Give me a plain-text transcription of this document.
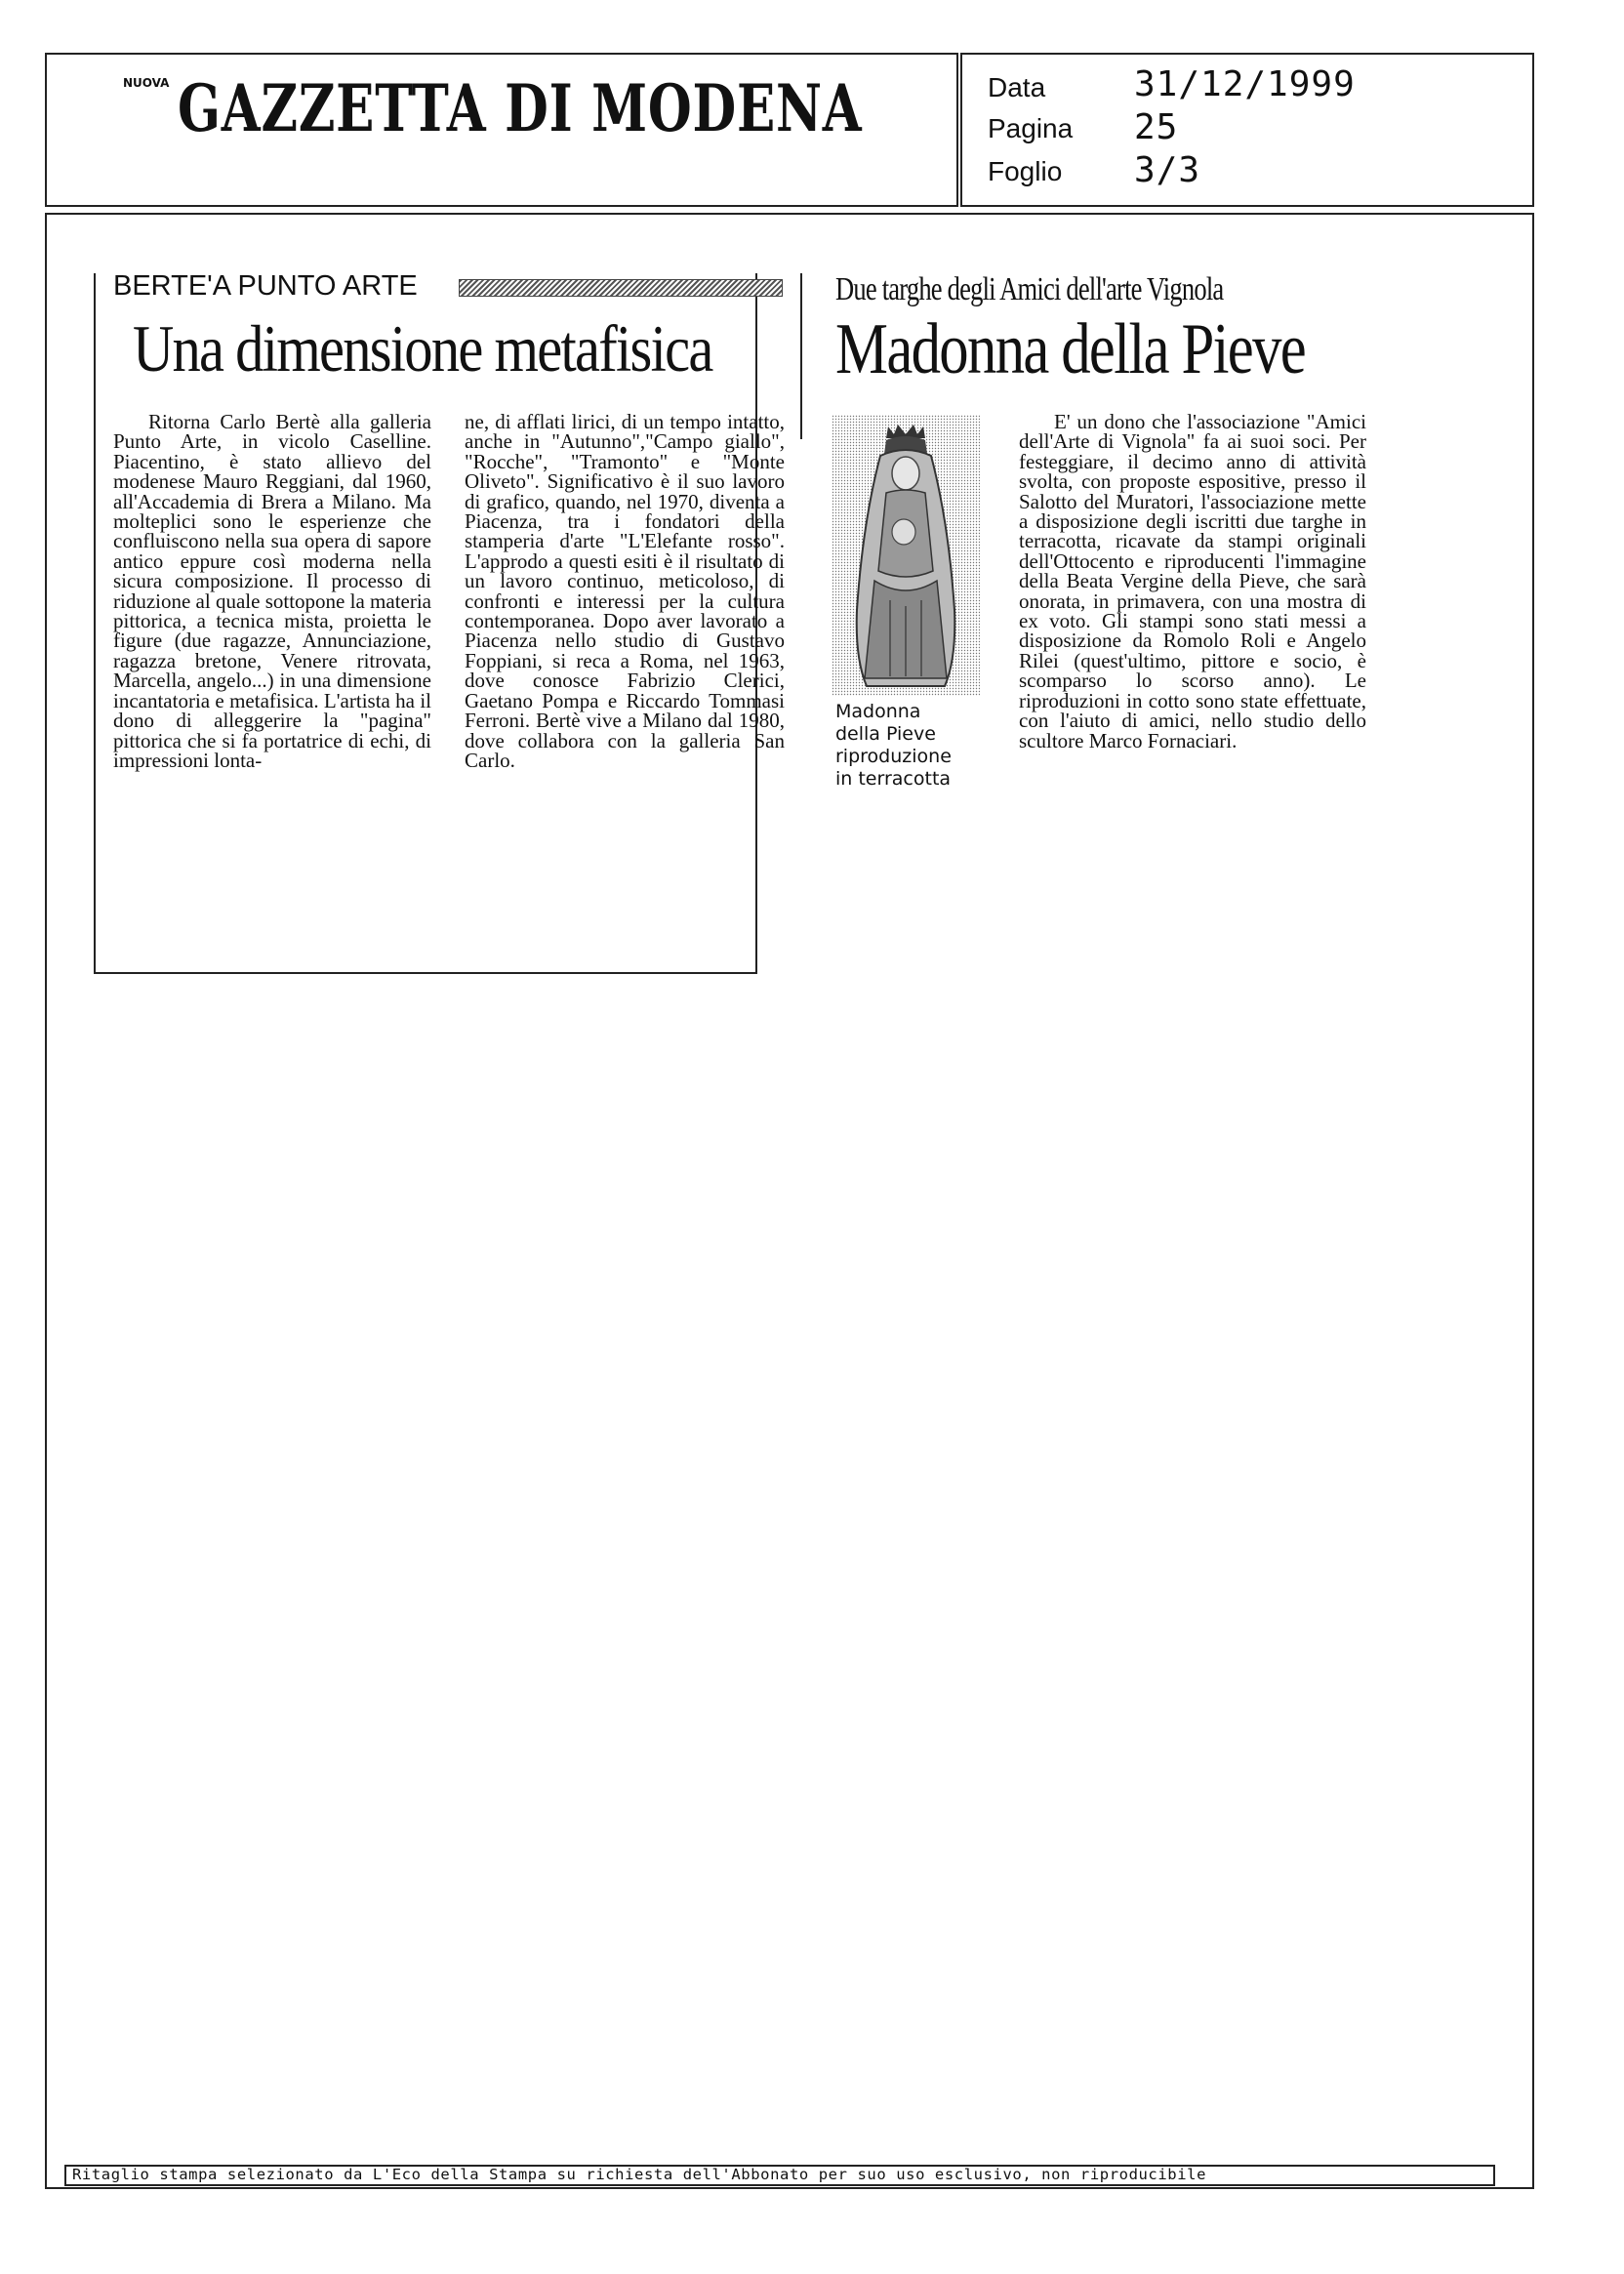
NUOVA GAZZETTA DI MODENA	Data	31/12/1999
Pagina 25
Foglio 3/3
BERTE'A PUNTO ARTE
Una dimensione metafisica

Ritorna Carlo Bertè alla galleria Punto Arte, in vicolo Caselline. Piacentino, è stato allievo del modenese Mauro Reggiani, dal 1960, all'Accademia di Brera a Milano. Ma molteplici sono le esperienze che confluiscono nella sua opera di sapore antico eppure così moderna nella sicura composizione. Il processo di riduzione al quale sottopone la materia pittorica, a tecnica mista, proietta le figure (due ragazze, Annunciazione, ragazza bretone, Venere ritrovata, Marcella, angelo...) in una dimensione incantatoria e metafisica. L'artista ha il dono di alleggerire la "pagina" pittorica che si fa portatrice di echi, di impressioni lonta-

ne, di afflati lirici, di un tempo intatto, anche in "Autunno","Campo giallo", "Rocche", "Tramonto" e "Monte Oliveto". Significativo è il suo lavoro di grafico, quando, nel 1970, diventa a Piacenza, tra i fondatori della stamperia d'arte "L'Elefante rosso". L'approdo a questi esiti è il risultato di un lavoro continuo, meticoloso, di confronti e interessi per la cultura contemporanea. Dopo aver lavorato a Piacenza nello studio di Gustavo Foppiani, si reca a Roma, nel 1963, dove conosce Fabrizio Clerici, Gaetano Pompa e Riccardo Tommasi Ferroni. Bertè vive a Milano dal 1980, dove collabora con la galleria San Carlo.

Due targhe degli Amici dell'arte Vignola
Madonna della Pieve
Madonna
della Pieve
riproduzione
in terracotta

E' un dono che l'associazione "Amici dell'Arte di Vignola" fa ai suoi soci. Per festeggiare, il decimo anno di attività svolta, con proposte espositive, presso il Salotto del Muratori, l'associazione mette a disposizione degli iscritti due targhe in terracotta, ricavate da stampi originali dell'Ottocento e riproducenti l'immagine della Beata Vergine della Pieve, che sarà onorata, in primavera, con una mostra di ex voto. Gli stampi sono stati messi a disposizione da Romolo Roli e Angelo Rilei (quest'ultimo, pittore e socio, è scomparso lo scorso anno). Le riproduzioni in cotto sono state effettuate, con l'aiuto di amici, nello studio dello scultore Marco Fornaciari.

Ritaglio stampa selezionato da L'Eco della Stampa su richiesta dell'Abbonato per suo uso esclusivo, non riproducibile
